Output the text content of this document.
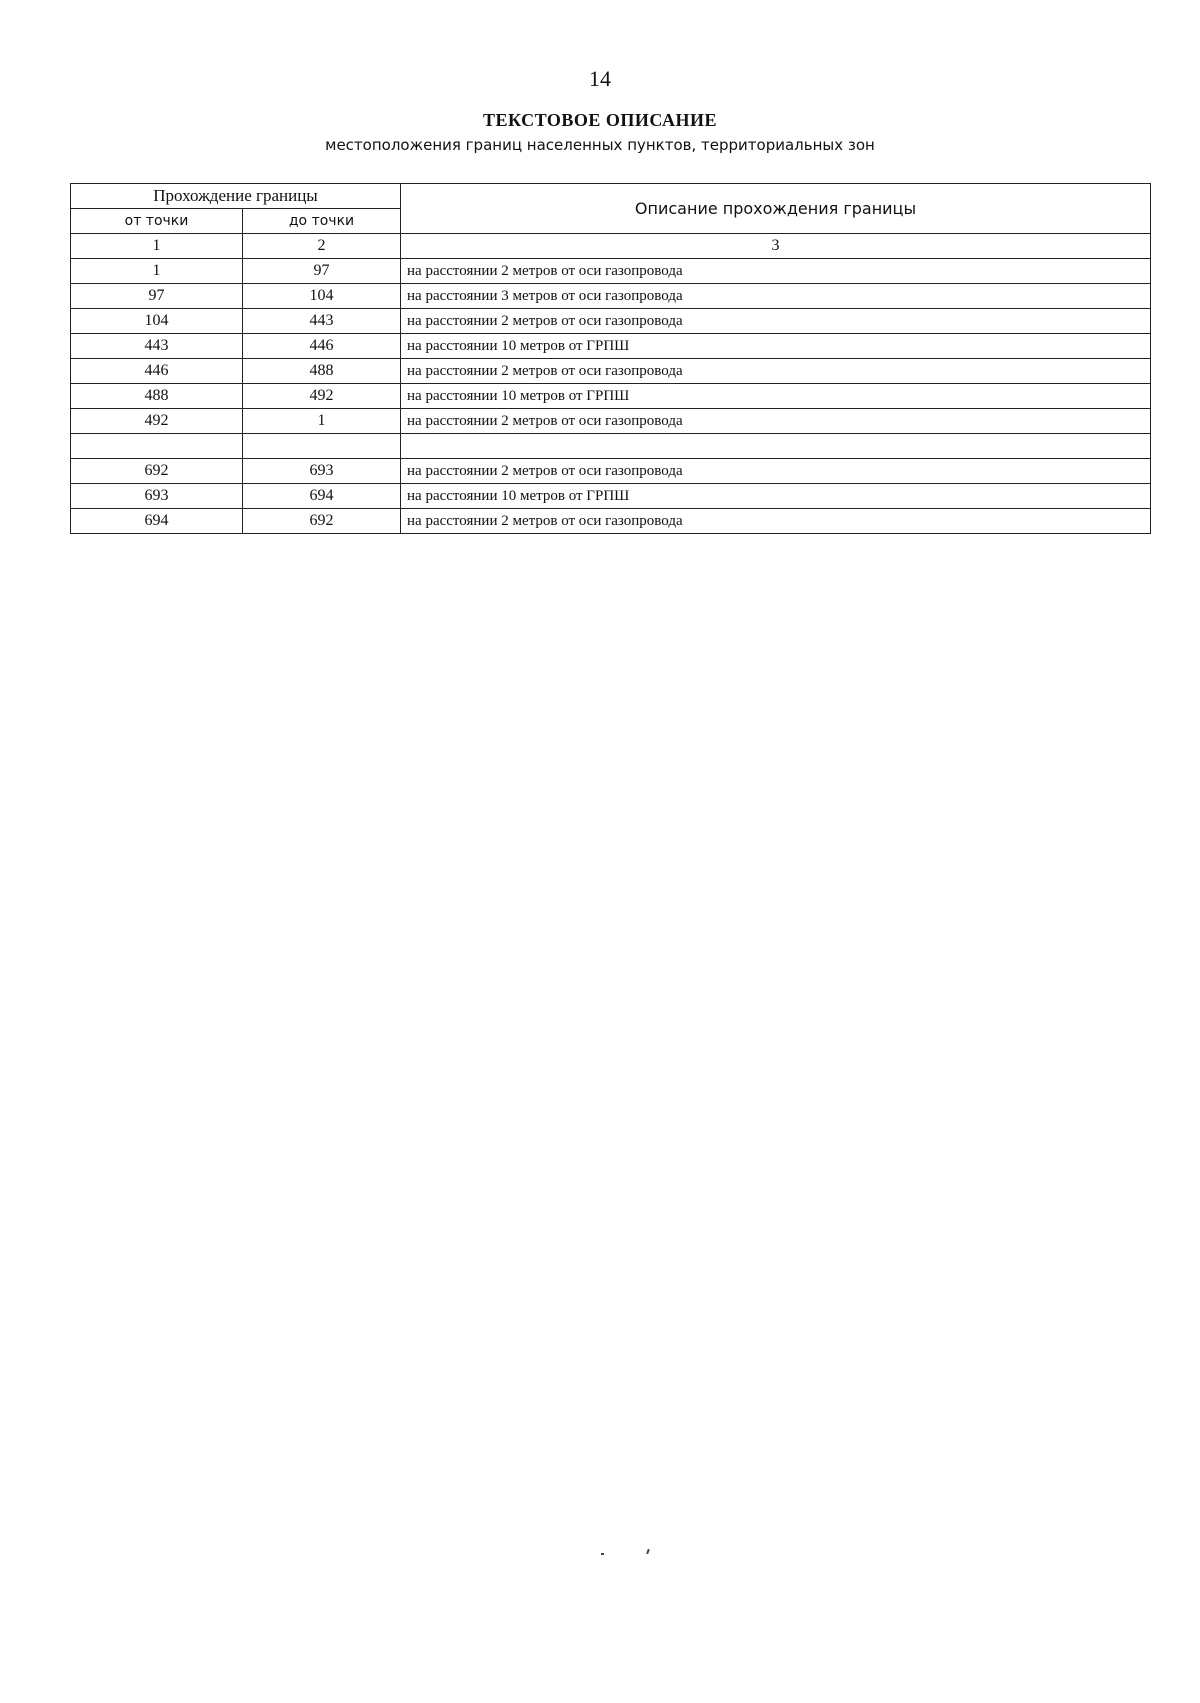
14
ТЕКСТОВОЕ ОПИСАНИЕ
местоположения границ населенных пунктов, территориальных зон
Прохождение границы		Описание прохождения границы
от точки	до точки	
1	2	3
1	97	на расстоянии 2 метров от оси газопровода
97	104	на расстоянии 3 метров от оси газопровода
104	443	на расстоянии 2 метров от оси газопровода
443	446	на расстоянии 10 метров от ГРПШ
446	488	на расстоянии 2 метров от оси газопровода
488	492	на расстоянии 10 метров от ГРПШ
492	1	на расстоянии 2 метров от оси газопровода

692	693	на расстоянии 2 метров от оси газопровода
693	694	на расстоянии 10 метров от ГРПШ
694	692	на расстоянии 2 метров от оси газопровода
